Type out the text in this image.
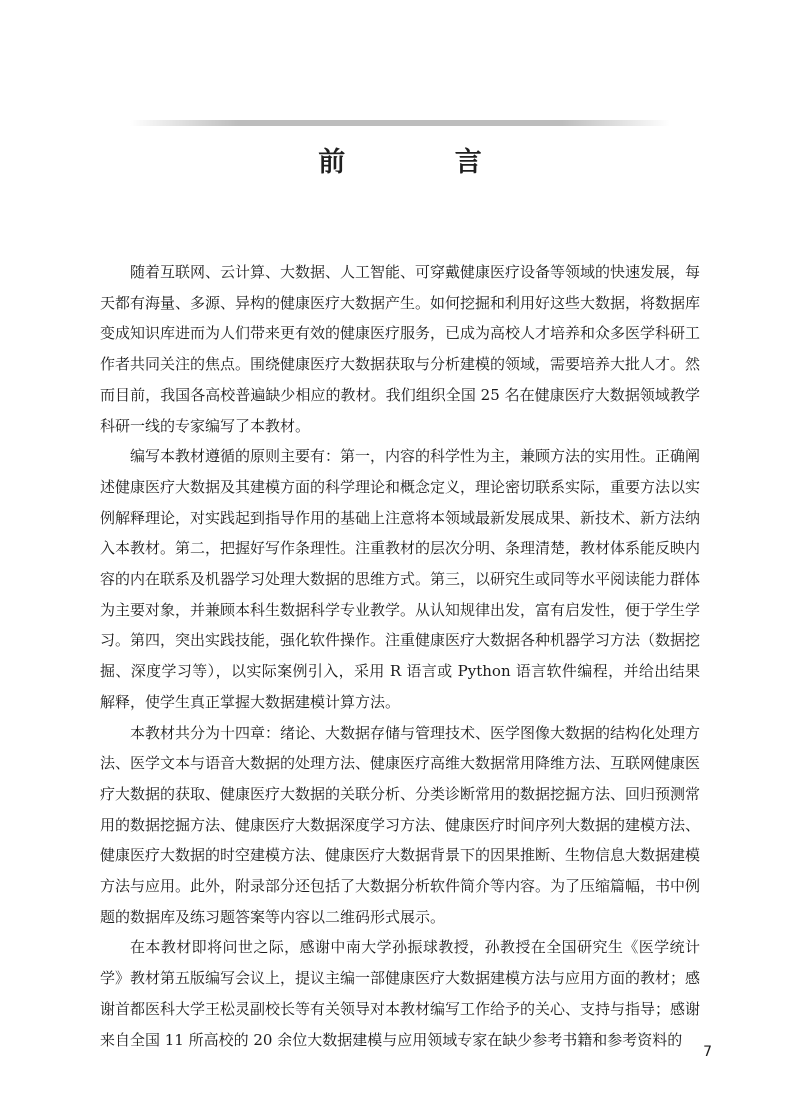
前 言

随着互联网、云计算、大数据、人工智能、可穿戴健康医疗设备等领域的快速发展，每天都有海量、多源、异构的健康医疗大数据产生。如何挖掘和利用好这些大数据，将数据库变成知识库进而为人们带来更有效的健康医疗服务，已成为高校人才培养和众多医学科研工作者共同关注的焦点。围绕健康医疗大数据获取与分析建模的领域，需要培养大批人才。然而目前，我国各高校普遍缺少相应的教材。我们组织全国 25 名在健康医疗大数据领域教学科研一线的专家编写了本教材。

编写本教材遵循的原则主要有：第一，内容的科学性为主，兼顾方法的实用性。正确阐述健康医疗大数据及其建模方面的科学理论和概念定义，理论密切联系实际，重要方法以实例解释理论，对实践起到指导作用的基础上注意将本领域最新发展成果、新技术、新方法纳入本教材。第二，把握好写作条理性。注重教材的层次分明、条理清楚，教材体系能反映内容的内在联系及机器学习处理大数据的思维方式。第三，以研究生或同等水平阅读能力群体为主要对象，并兼顾本科生数据科学专业教学。从认知规律出发，富有启发性，便于学生学习。第四，突出实践技能，强化软件操作。注重健康医疗大数据各种机器学习方法（数据挖掘、深度学习等），以实际案例引入，采用 R 语言或 Python 语言软件编程，并给出结果解释，使学生真正掌握大数据建模计算方法。

本教材共分为十四章：绪论、大数据存储与管理技术、医学图像大数据的结构化处理方法、医学文本与语音大数据的处理方法、健康医疗高维大数据常用降维方法、互联网健康医疗大数据的获取、健康医疗大数据的关联分析、分类诊断常用的数据挖掘方法、回归预测常用的数据挖掘方法、健康医疗大数据深度学习方法、健康医疗时间序列大数据的建模方法、健康医疗大数据的时空建模方法、健康医疗大数据背景下的因果推断、生物信息大数据建模方法与应用。此外，附录部分还包括了大数据分析软件简介等内容。为了压缩篇幅，书中例题的数据库及练习题答案等内容以二维码形式展示。

在本教材即将问世之际，感谢中南大学孙振球教授，孙教授在全国研究生《医学统计学》教材第五版编写会议上，提议主编一部健康医疗大数据建模方法与应用方面的教材；感谢首都医科大学王松灵副校长等有关领导对本教材编写工作给予的关心、支持与指导；感谢来自全国 11 所高校的 20 余位大数据建模与应用领域专家在缺少参考书籍和参考资料的

7
